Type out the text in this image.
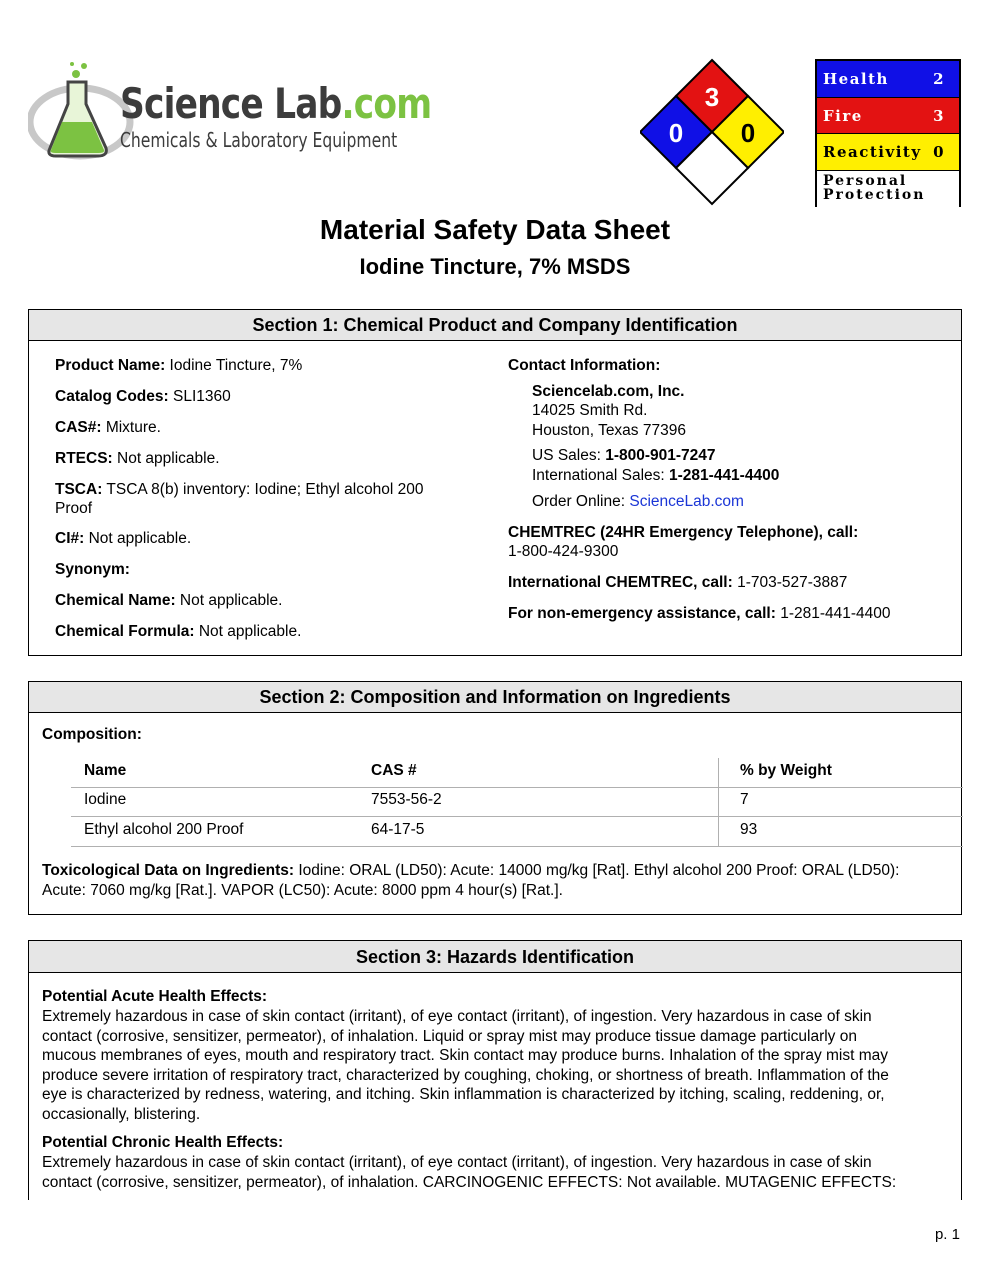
Science Lab.com
Chemicals & Laboratory Equipment
3
0 0
Health	2
Fire	3
Reactivity 0
Personal
Protection
Material Safety Data Sheet
Iodine Tincture, 7% MSDS
Section 1: Chemical Product and Company Identification
Product Name: Iodine Tincture, 7%
Catalog Codes: SLI1360
CAS#: Mixture.
RTECS: Not applicable.
TSCA: TSCA 8(b) inventory: Iodine; Ethyl alcohol 200
Proof
CI#: Not applicable.
Synonym:
Chemical Name: Not applicable.
Chemical Formula: Not applicable.
Contact Information:
Sciencelab.com, Inc.
14025 Smith Rd.
Houston, Texas 77396
US Sales: 1-800-901-7247
International Sales: 1-281-441-4400
Order Online: ScienceLab.com
CHEMTREC (24HR Emergency Telephone), call:
1-800-424-9300
International CHEMTREC, call: 1-703-527-3887
For non-emergency assistance, call: 1-281-441-4400
Section 2: Composition and Information on Ingredients
Composition:
Name	CAS #	% by Weight
Iodine	7553-56-2	7
Ethyl alcohol 200 Proof	64-17-5	93
Toxicological Data on Ingredients: Iodine: ORAL (LD50): Acute: 14000 mg/kg [Rat]. Ethyl alcohol 200 Proof: ORAL (LD50):
Acute: 7060 mg/kg [Rat.]. VAPOR (LC50): Acute: 8000 ppm 4 hour(s) [Rat.].
Section 3: Hazards Identification
Potential Acute Health Effects:
Extremely hazardous in case of skin contact (irritant), of eye contact (irritant), of ingestion. Very hazardous in case of skin
contact (corrosive, sensitizer, permeator), of inhalation. Liquid or spray mist may produce tissue damage particularly on
mucous membranes of eyes, mouth and respiratory tract. Skin contact may produce burns. Inhalation of the spray mist may
produce severe irritation of respiratory tract, characterized by coughing, choking, or shortness of breath. Inflammation of the
eye is characterized by redness, watering, and itching. Skin inflammation is characterized by itching, scaling, reddening, or,
occasionally, blistering.
Potential Chronic Health Effects:
Extremely hazardous in case of skin contact (irritant), of eye contact (irritant), of ingestion. Very hazardous in case of skin
contact (corrosive, sensitizer, permeator), of inhalation. CARCINOGENIC EFFECTS: Not available. MUTAGENIC EFFECTS:
p. 1
